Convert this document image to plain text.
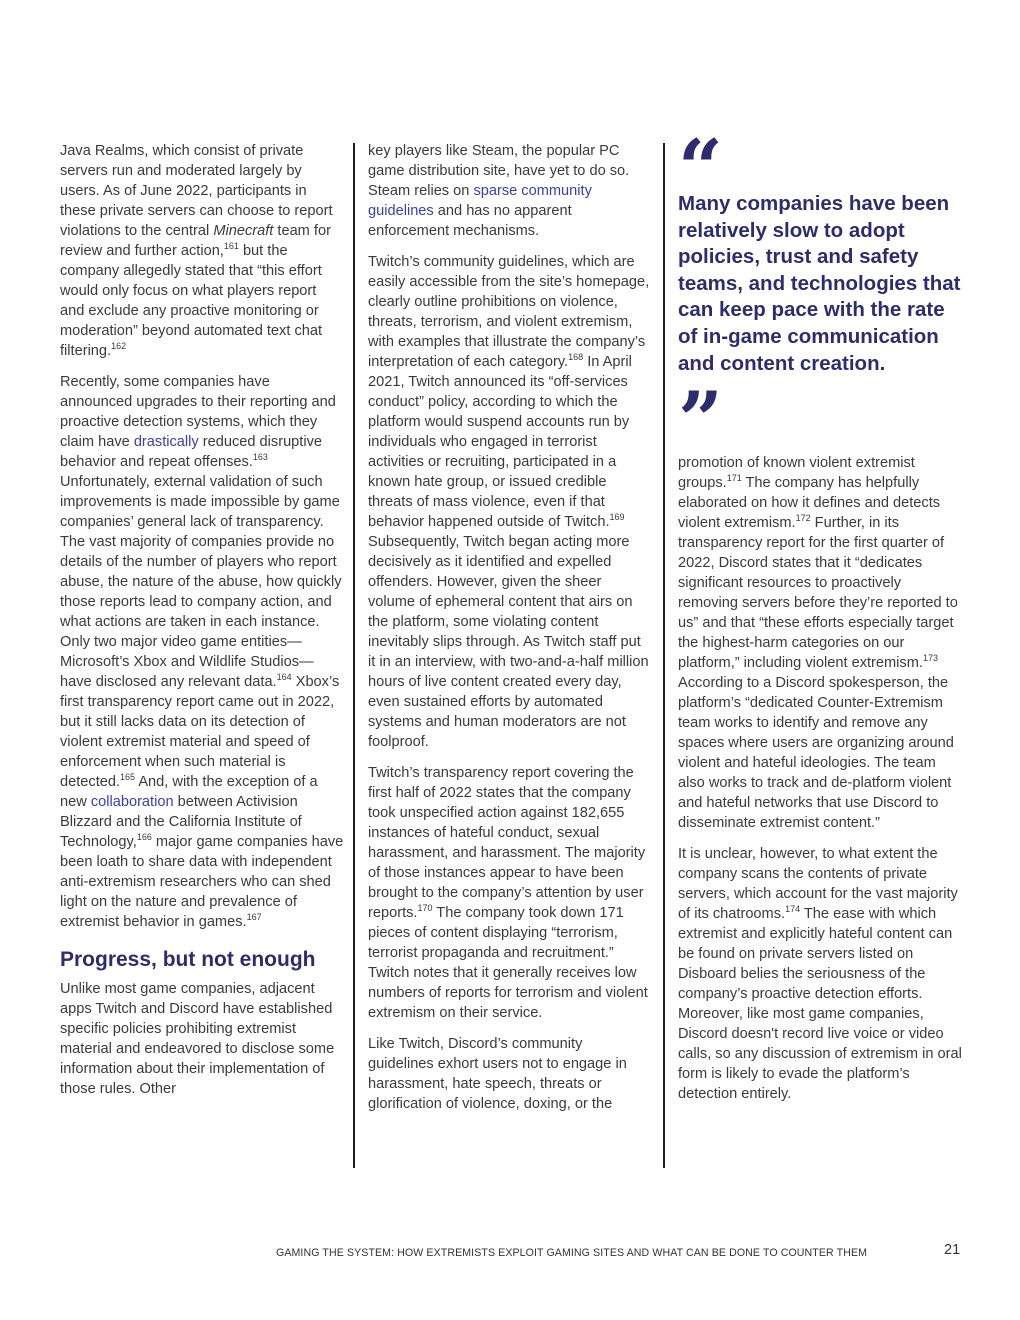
Java Realms, which consist of private servers run and moderated largely by users. As of June 2022, participants in these private servers can choose to report violations to the central Minecraft team for review and further action,$^{161}$ but the company allegedly stated that “this effort would only focus on what players report and exclude any proactive monitoring or moderation” beyond automated text chat filtering.$^{162}$

Recently, some companies have announced upgrades to their reporting and proactive detection systems, which they claim have drastically reduced disruptive behavior and repeat offenses.$^{163}$ Unfortunately, external validation of such improvements is made impossible by game companies’ general lack of transparency. The vast majority of companies provide no details of the number of players who report abuse, the nature of the abuse, how quickly those reports lead to company action, and what actions are taken in each instance. Only two major video game entities—Microsoft’s Xbox and Wildlife Studios—have disclosed any relevant data.$^{164}$ Xbox’s first transparency report came out in 2022, but it still lacks data on its detection of violent extremist material and speed of enforcement when such material is detected.$^{165}$ And, with the exception of a new collaboration between Activision Blizzard and the California Institute of Technology,$^{166}$ major game companies have been loath to share data with independent anti-extremism researchers who can shed light on the nature and prevalence of extremist behavior in games.$^{167}$

Progress, but not enough

Unlike most game companies, adjacent apps Twitch and Discord have established specific policies prohibiting extremist material and endeavored to disclose some information about their implementation of those rules. Other

key players like Steam, the popular PC game distribution site, have yet to do so. Steam relies on sparse community guidelines and has no apparent enforcement mechanisms.

Twitch’s community guidelines, which are easily accessible from the site’s homepage, clearly outline prohibitions on violence, threats, terrorism, and violent extremism, with examples that illustrate the company’s interpretation of each category.$^{168}$ In April 2021, Twitch announced its “off-services conduct” policy, according to which the platform would suspend accounts run by individuals who engaged in terrorist activities or recruiting, participated in a known hate group, or issued credible threats of mass violence, even if that behavior happened outside of Twitch.$^{169}$ Subsequently, Twitch began acting more decisively as it identified and expelled offenders. However, given the sheer volume of ephemeral content that airs on the platform, some violating content inevitably slips through. As Twitch staff put it in an interview, with two-and-a-half million hours of live content created every day, even sustained efforts by automated systems and human moderators are not foolproof.

Twitch’s transparency report covering the first half of 2022 states that the company took unspecified action against 182,655 instances of hateful conduct, sexual harassment, and harassment. The majority of those instances appear to have been brought to the company’s attention by user reports.$^{170}$ The company took down 171 pieces of content displaying “terrorism, terrorist propaganda and recruitment.” Twitch notes that it generally receives low numbers of reports for terrorism and violent extremism on their service.

Like Twitch, Discord’s community guidelines exhort users not to engage in harassment, hate speech, threats or glorification of violence, doxing, or the

“

Many companies have been relatively slow to adopt policies, trust and safety teams, and technologies that can keep pace with the rate of in-game communication and content creation.

”

promotion of known violent extremist groups.$^{171}$ The company has helpfully elaborated on how it defines and detects violent extremism.$^{172}$ Further, in its transparency report for the first quarter of 2022, Discord states that it “dedicates significant resources to proactively removing servers before they’re reported to us” and that “these efforts especially target the highest-harm categories on our platform,” including violent extremism.$^{173}$ According to a Discord spokesperson, the platform’s “dedicated Counter-Extremism team works to identify and remove any spaces where users are organizing around violent and hateful ideologies. The team also works to track and de-platform violent and hateful networks that use Discord to disseminate extremist content.”

It is unclear, however, to what extent the company scans the contents of private servers, which account for the vast majority of its chatrooms.$^{174}$ The ease with which extremist and explicitly hateful content can be found on private servers listed on Disboard belies the seriousness of the company’s proactive detection efforts. Moreover, like most game companies, Discord doesn't record live voice or video calls, so any discussion of extremism in oral form is likely to evade the platform’s detection entirely.

GAMING THE SYSTEM: HOW EXTREMISTS EXPLOIT GAMING SITES AND WHAT CAN BE DONE TO COUNTER THEM	21
